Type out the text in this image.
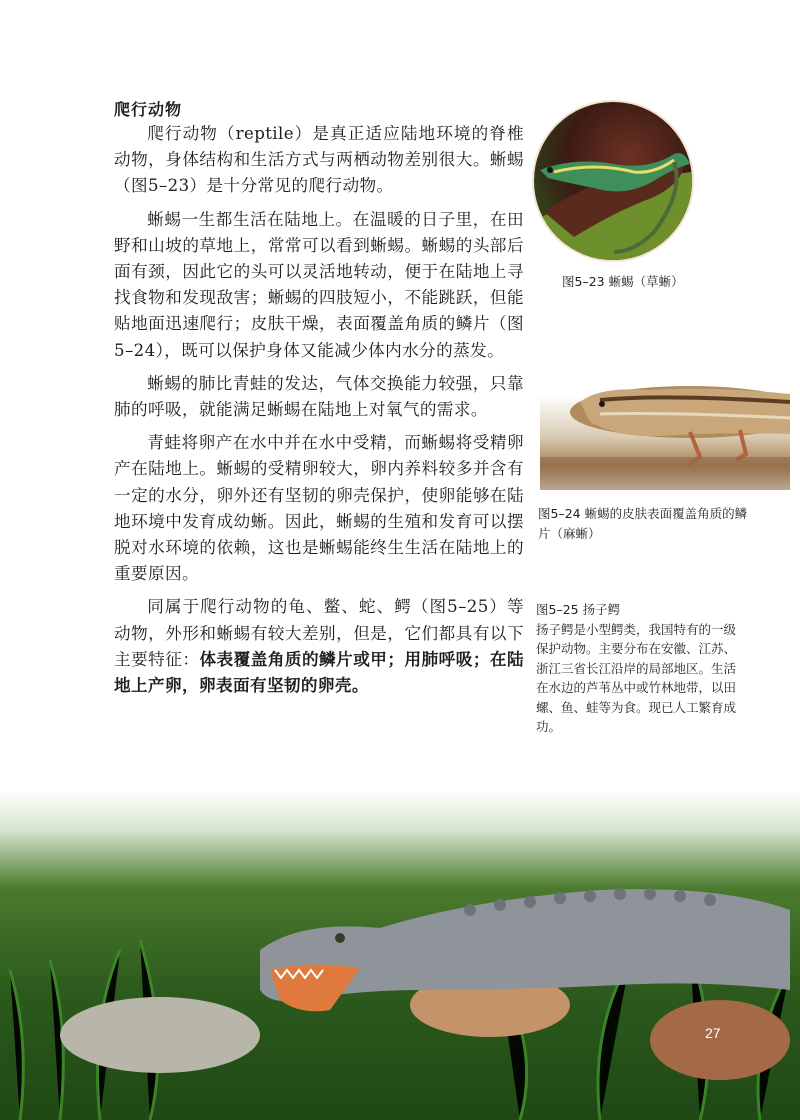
爬行动物

爬行动物（reptile）是真正适应陆地环境的脊椎动物，身体结构和生活方式与两栖动物差别很大。蜥蜴（图5–23）是十分常见的爬行动物。

蜥蜴一生都生活在陆地上。在温暖的日子里，在田野和山坡的草地上，常常可以看到蜥蜴。蜥蜴的头部后面有颈，因此它的头可以灵活地转动，便于在陆地上寻找食物和发现敌害；蜥蜴的四肢短小，不能跳跃，但能贴地面迅速爬行；皮肤干燥，表面覆盖角质的鳞片（图5–24），既可以保护身体又能减少体内水分的蒸发。

蜥蜴的肺比青蛙的发达，气体交换能力较强，只靠肺的呼吸，就能满足蜥蜴在陆地上对氧气的需求。

青蛙将卵产在水中并在水中受精，而蜥蜴将受精卵产在陆地上。蜥蜴的受精卵较大，卵内养料较多并含有一定的水分，卵外还有坚韧的卵壳保护，使卵能够在陆地环境中发育成幼蜥。因此，蜥蜴的生殖和发育可以摆脱对水环境的依赖，这也是蜥蜴能终生生活在陆地上的重要原因。

同属于爬行动物的龟、鳖、蛇、鳄（图5–25）等动物，外形和蜥蜴有较大差别，但是，它们都具有以下主要特征：体表覆盖角质的鳞片或甲；用肺呼吸；在陆地上产卵，卵表面有坚韧的卵壳。

图5–23 蜥蜴（草蜥）
图5–24 蜥蜴的皮肤表面覆盖角质的鳞片（麻蜥）
图5–25 扬子鳄
扬子鳄是小型鳄类，我国特有的一级保护动物。主要分布在安徽、江苏、浙江三省长江沿岸的局部地区。生活在水边的芦苇丛中或竹林地带，以田螺、鱼、蛙等为食。现已人工繁育成功。
27
